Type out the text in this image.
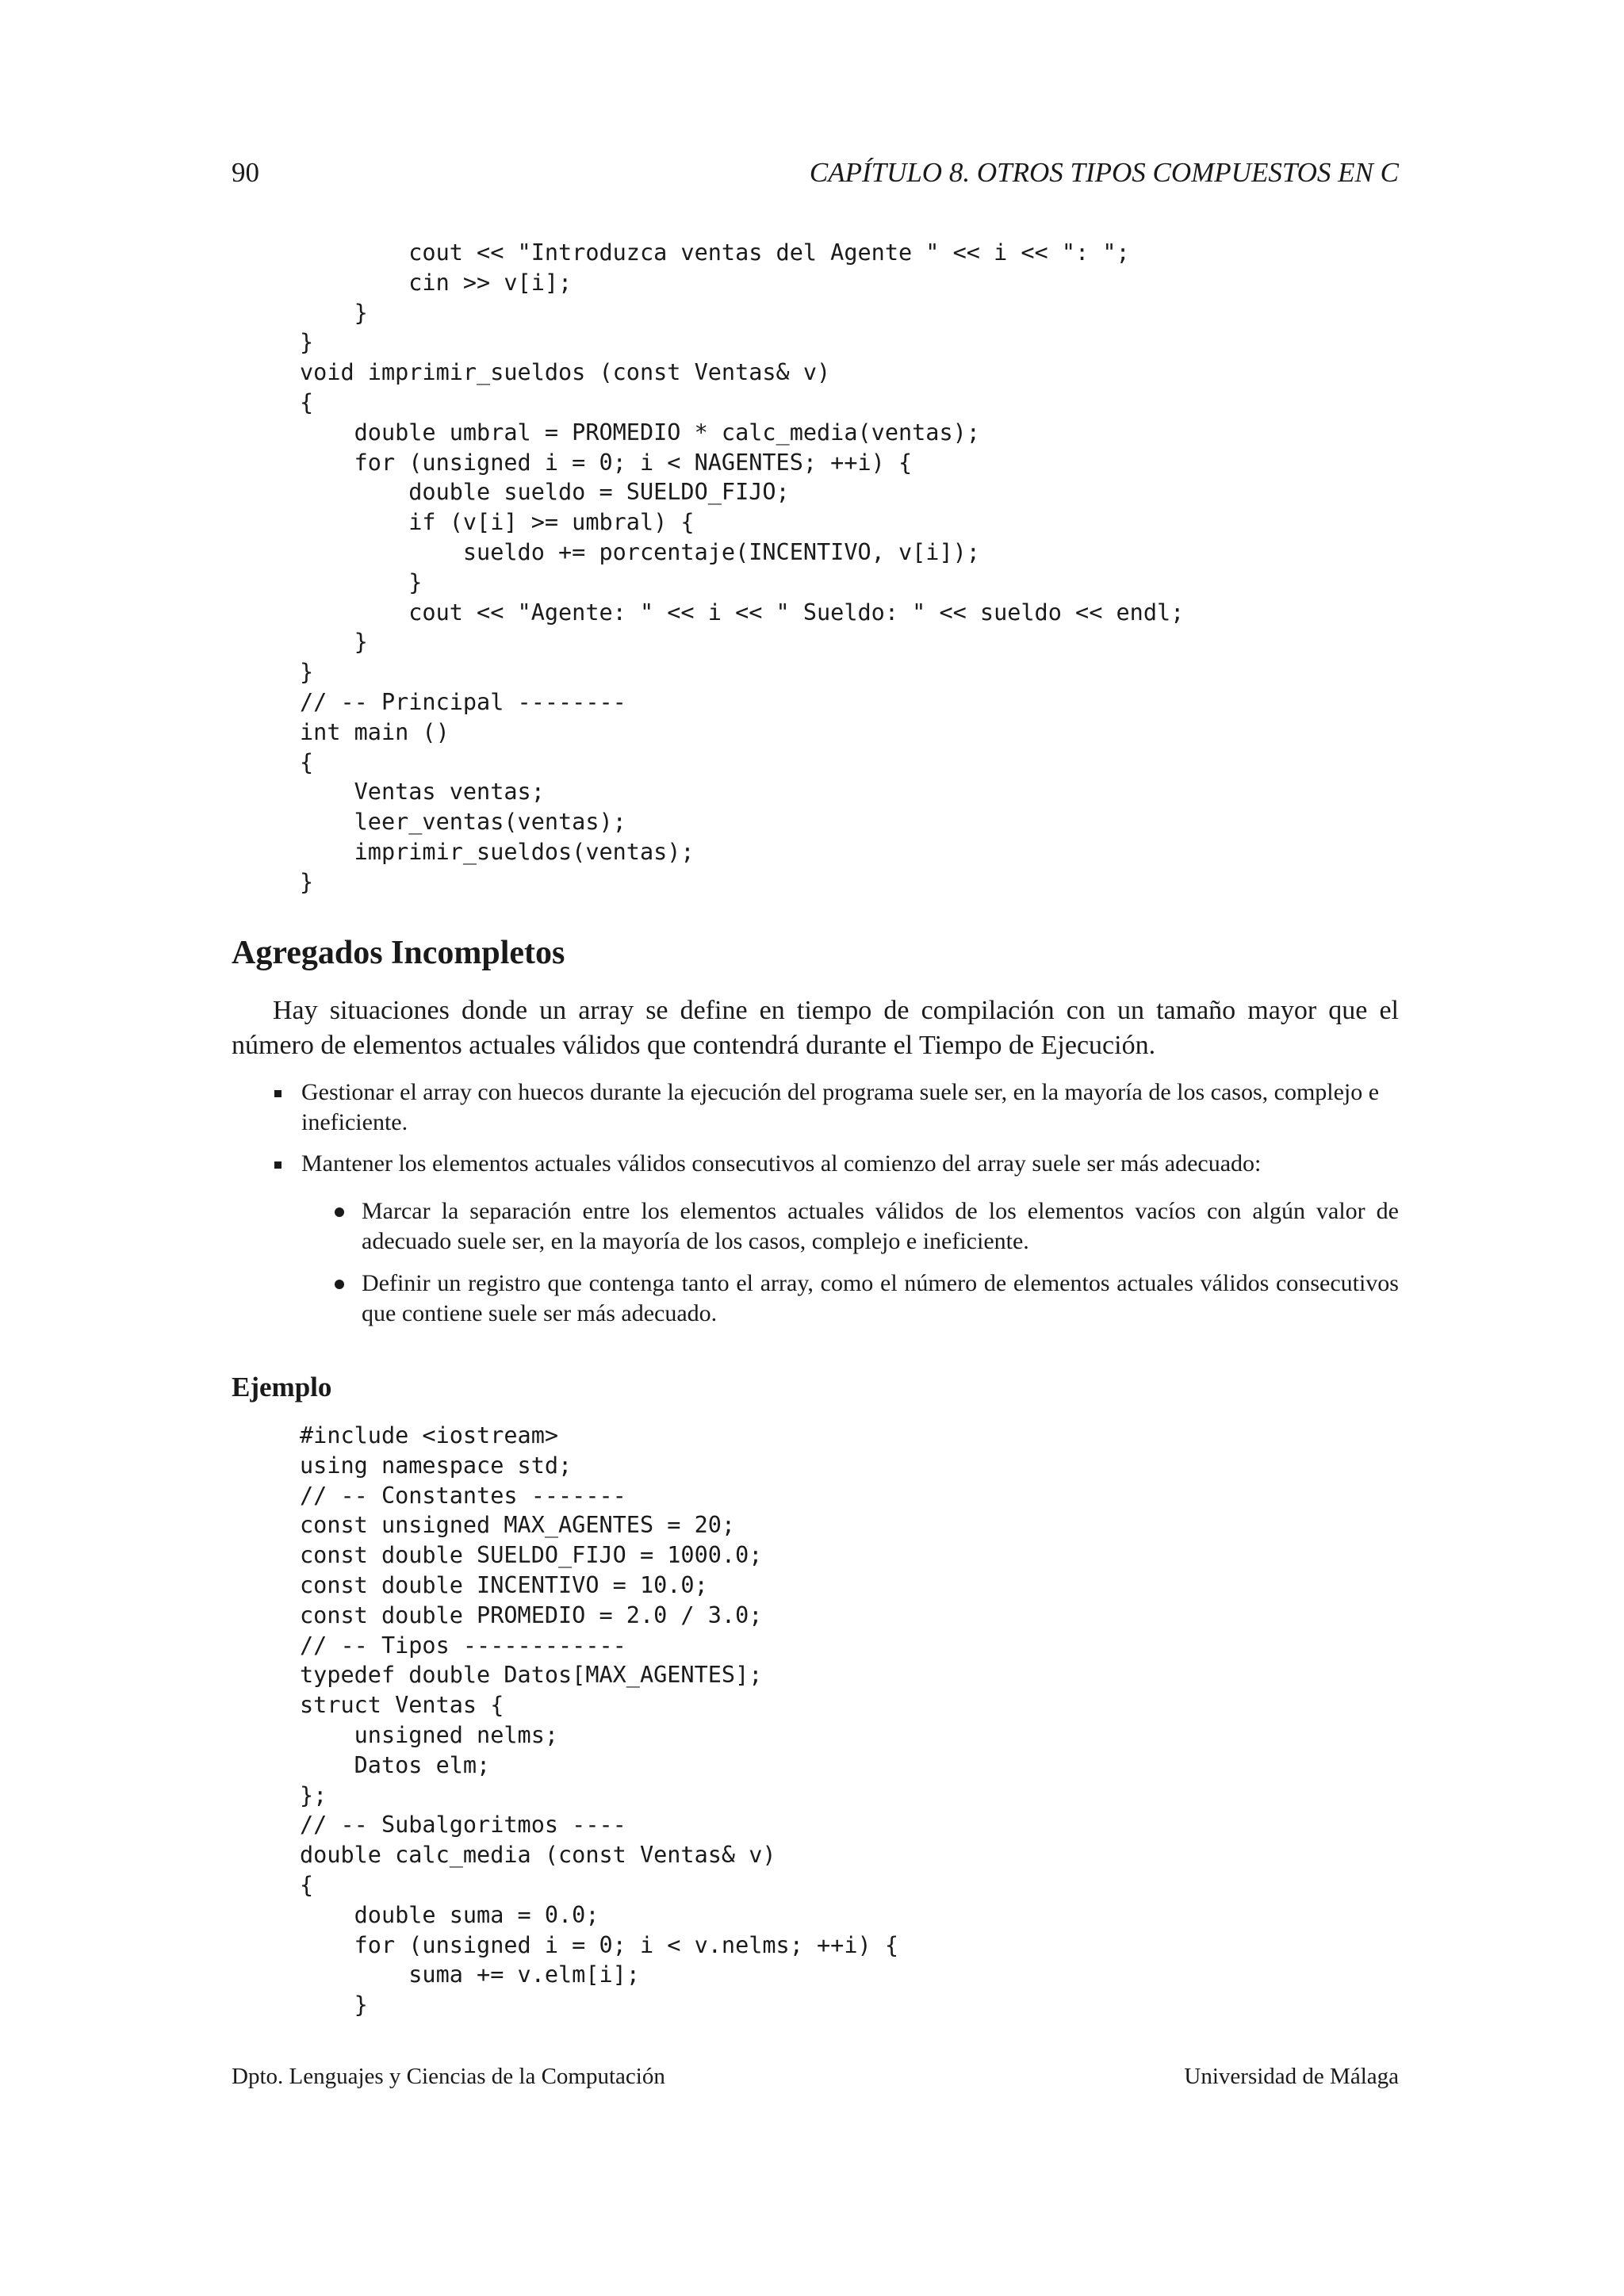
90	CAPÍTULO 8. OTROS TIPOS COMPUESTOS EN C
cout << "Introduzca ventas del Agente " << i << ": ";
cin >> v[i];
}
}
void imprimir_sueldos (const Ventas& v)
{
double umbral = PROMEDIO * calc_media(ventas);
for (unsigned i = 0; i < NAGENTES; ++i) {
double sueldo = SUELDO_FIJO;
if (v[i] >= umbral) {
sueldo += porcentaje(INCENTIVO, v[i]);
}
cout << "Agente: " << i << " Sueldo: " << sueldo << endl;
}
}
// -- Principal --------
int main ()
{
Ventas ventas;
leer_ventas(ventas);
imprimir_sueldos(ventas);
}

Agregados Incompletos

Hay situaciones donde un array se define en tiempo de compilación con un tamaño mayor que el número de elementos actuales válidos que contendrá durante el Tiempo de Ejecución.

Gestionar el array con huecos durante la ejecución del programa suele ser, en la mayoría de los casos, complejo e ineficiente.
Mantener los elementos actuales válidos consecutivos al comienzo del array suele ser más adecuado:
Marcar la separación entre los elementos actuales válidos de los elementos vacíos con algún valor de adecuado suele ser, en la mayoría de los casos, complejo e ineficiente.
Definir un registro que contenga tanto el array, como el número de elementos actuales válidos consecutivos que contiene suele ser más adecuado.
Ejemplo
#include <iostream>
using namespace std;
// -- Constantes -------
const unsigned MAX_AGENTES = 20;
const double SUELDO_FIJO = 1000.0;
const double INCENTIVO = 10.0;
const double PROMEDIO = 2.0 / 3.0;
// -- Tipos ------------
typedef double Datos[MAX_AGENTES];
struct Ventas {
unsigned nelms;
Datos elm;
};
// -- Subalgoritmos ----
double calc_media (const Ventas& v)
{
double suma = 0.0;
for (unsigned i = 0; i < v.nelms; ++i) {
suma += v.elm[i];
}

Dpto. Lenguajes y Ciencias de la Computación	Universidad de Málaga
